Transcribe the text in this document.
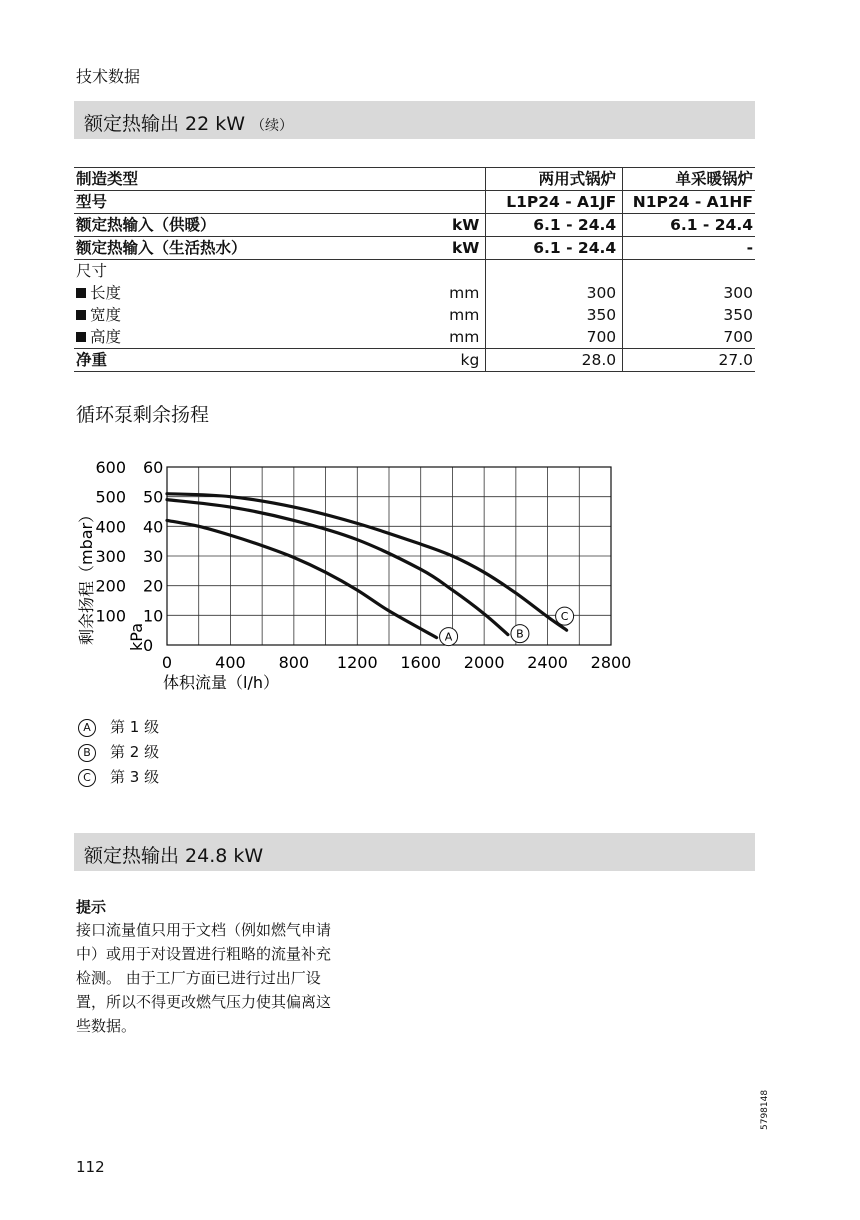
技术数据
额定热输出 22 kW （续）
制造类型		两用式锅炉	单采暖锅炉
型号		L1P24 - A1JF	N1P24 - A1HF
额定热输入（供暖）	kW	6.1 - 24.4	6.1 - 24.4
额定热输入（生活热水）	kW	6.1 - 24.4	-
尺寸			
长度	mm	300	300
宽度	mm	350	350
高度	mm	700	700
净重	kg	28.0	27.0
循环泵剩余扬程
0
10
20
30
40
50
60
100
200
300
400
500
600
0	400 800 1200 1600 2000 2400 2800
体积流量（l/h）
剩余扬程（mbar） kPa	A	B
C
A 第 1 级
B 第 2 级
C 第 3 级
额定热输出 24.8 kW
提示
接口流量值只用于文档（例如燃气申请
中）或用于对设置进行粗略的流量补充
检测。 由于工厂方面已进行过出厂设
置，所以不得更改燃气压力使其偏离这
些数据。
112
5798148
